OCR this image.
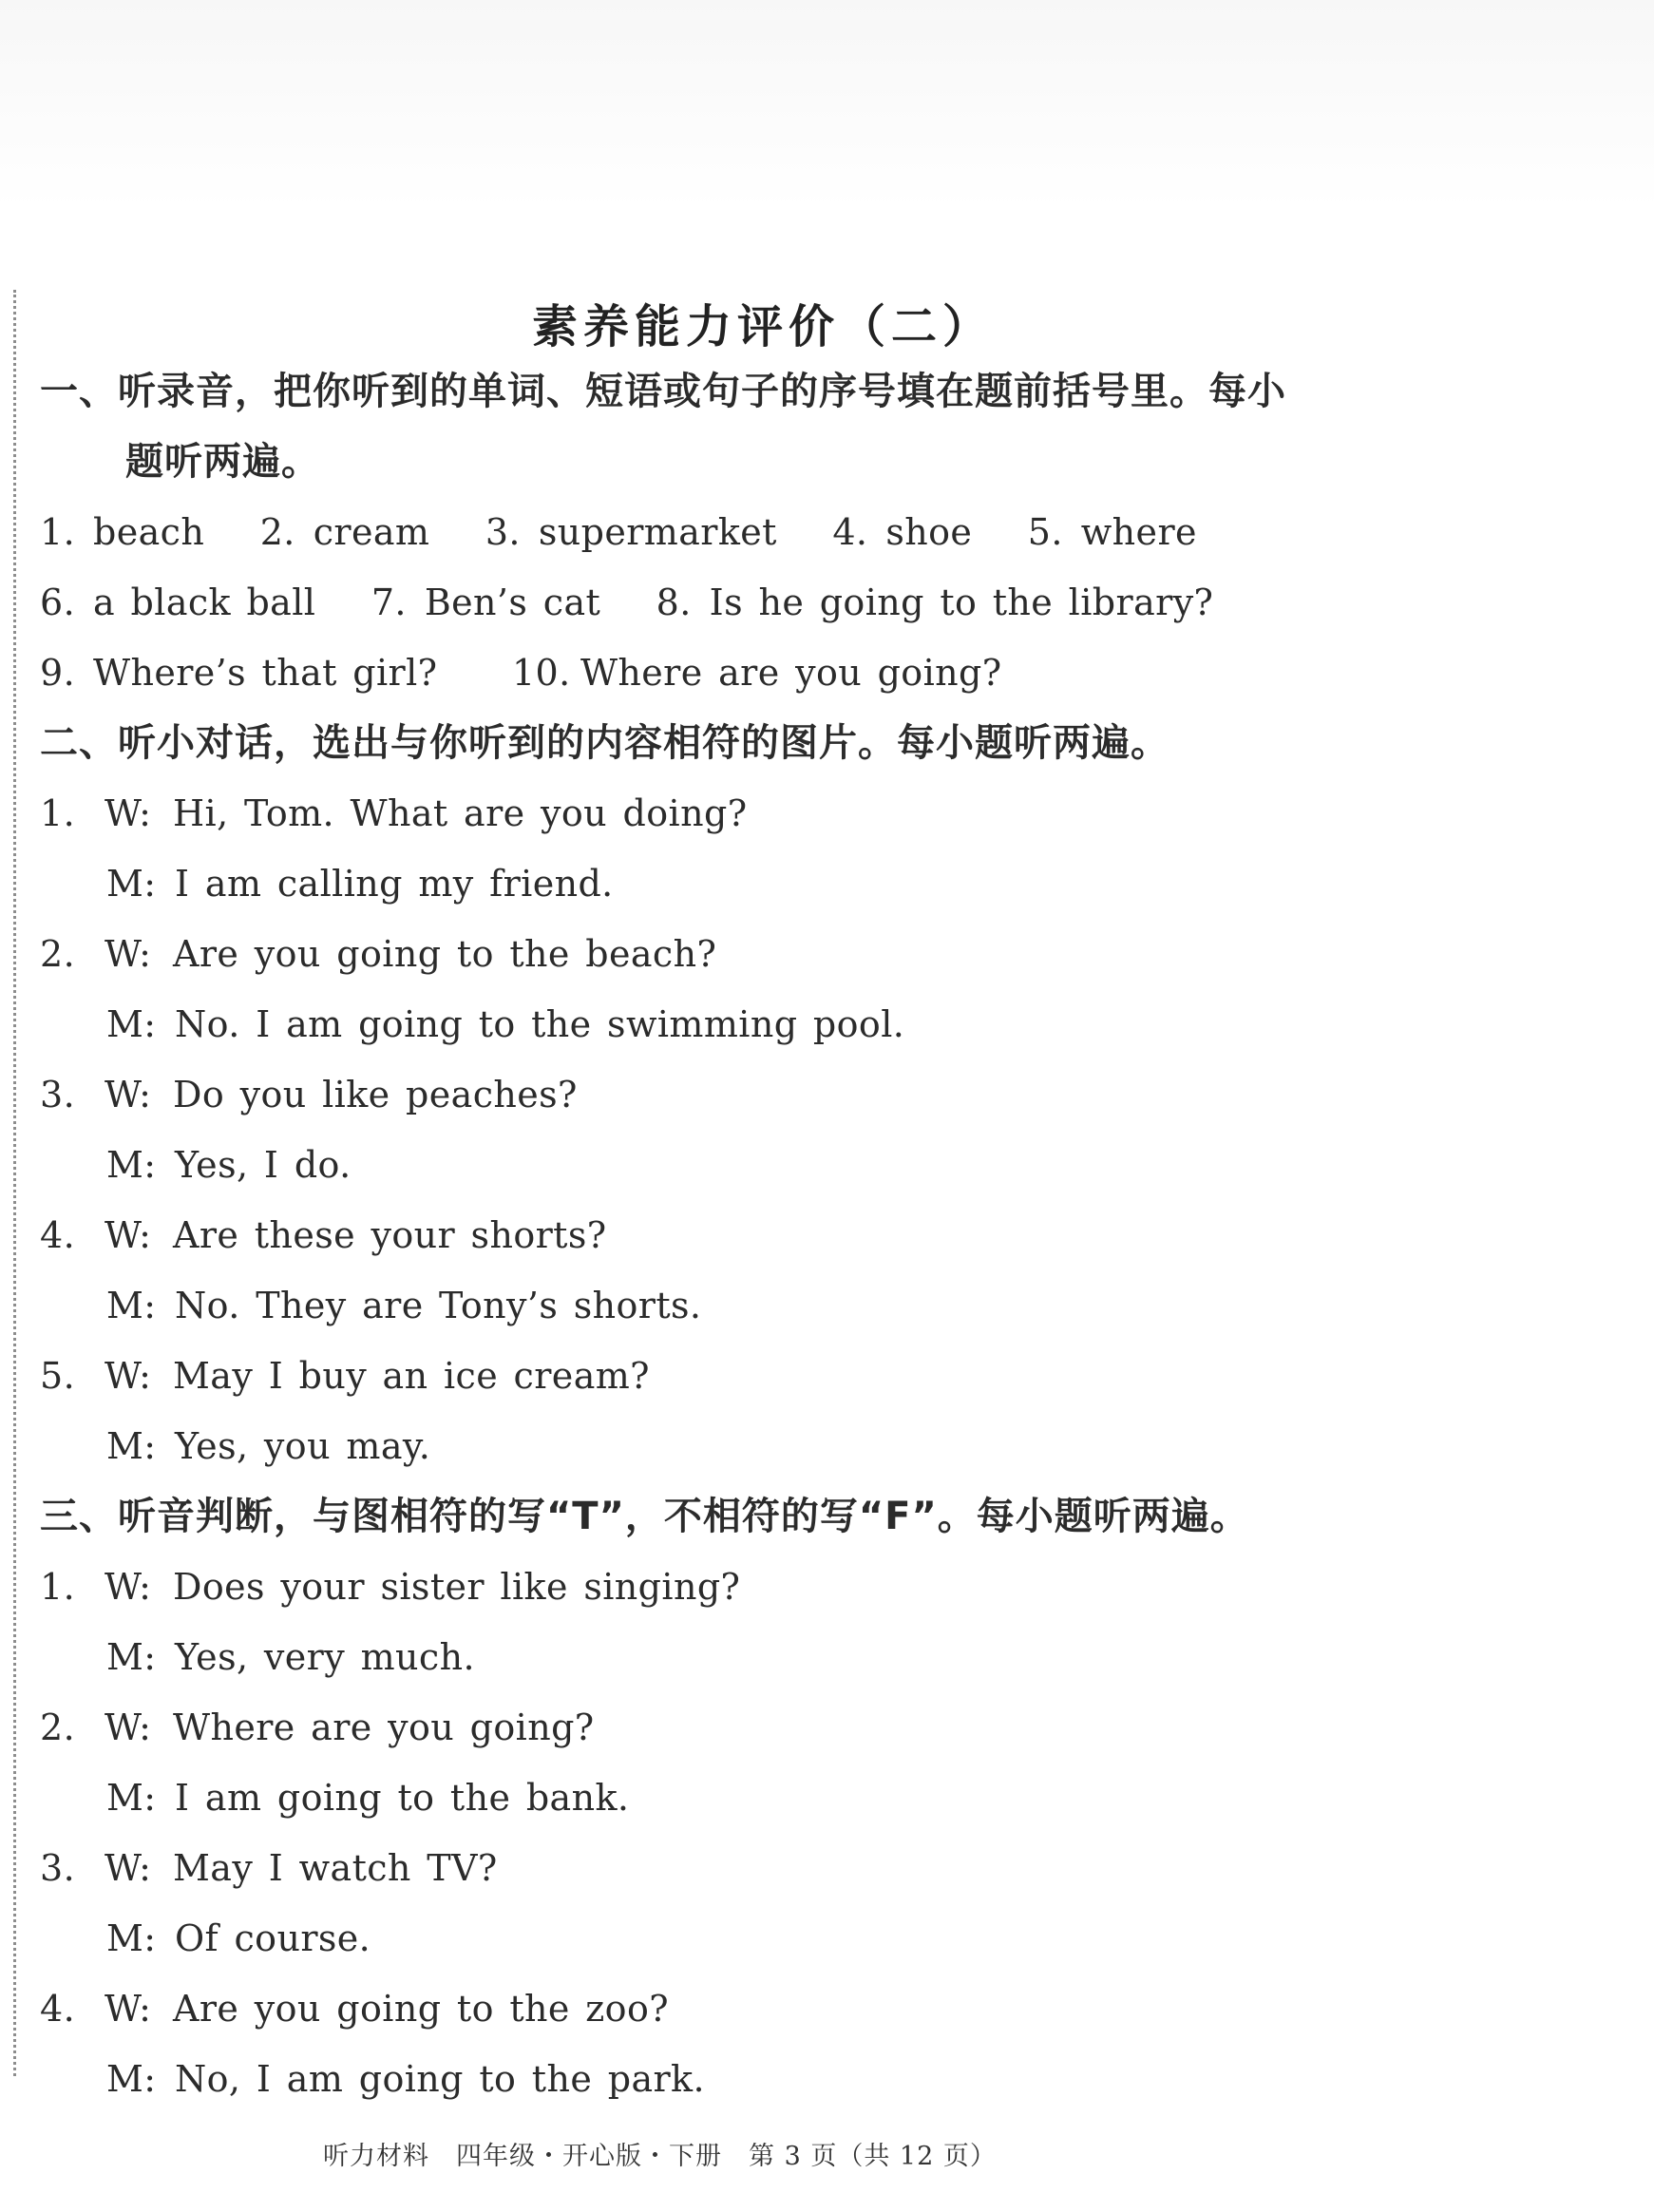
素养能力评价（二）
一、听录音，把你听到的单词、短语或句子的序号填在题前括号里。每小
题听两遍。
1. beach 2. cream 3. supermarket 4. shoe 5. where
6. a black ball 7. Ben’s cat 8. Is he going to the library?
9. Where’s that girl? 10. Where are you going?
二、听小对话，选出与你听到的内容相符的图片。每小题听两遍。
1. W: Hi, Tom. What are you doing?
M: I am calling my friend.
2. W: Are you going to the beach?
M: No. I am going to the swimming pool.
3. W: Do you like peaches?
M: Yes, I do.
4. W: Are these your shorts?
M: No. They are Tony’s shorts.
5. W: May I buy an ice cream?
M: Yes, you may.
三、听音判断，与图相符的写“T”，不相符的写“F”。每小题听两遍。
1. W: Does your sister like singing?
M: Yes, very much.
2. W: Where are you going?
M: I am going to the bank.
3. W: May I watch TV?
M: Of course.
4. W: Are you going to the zoo?
M: No, I am going to the park.
听力材料　四年级・开心版・下册　第 3 页（共 12 页）
